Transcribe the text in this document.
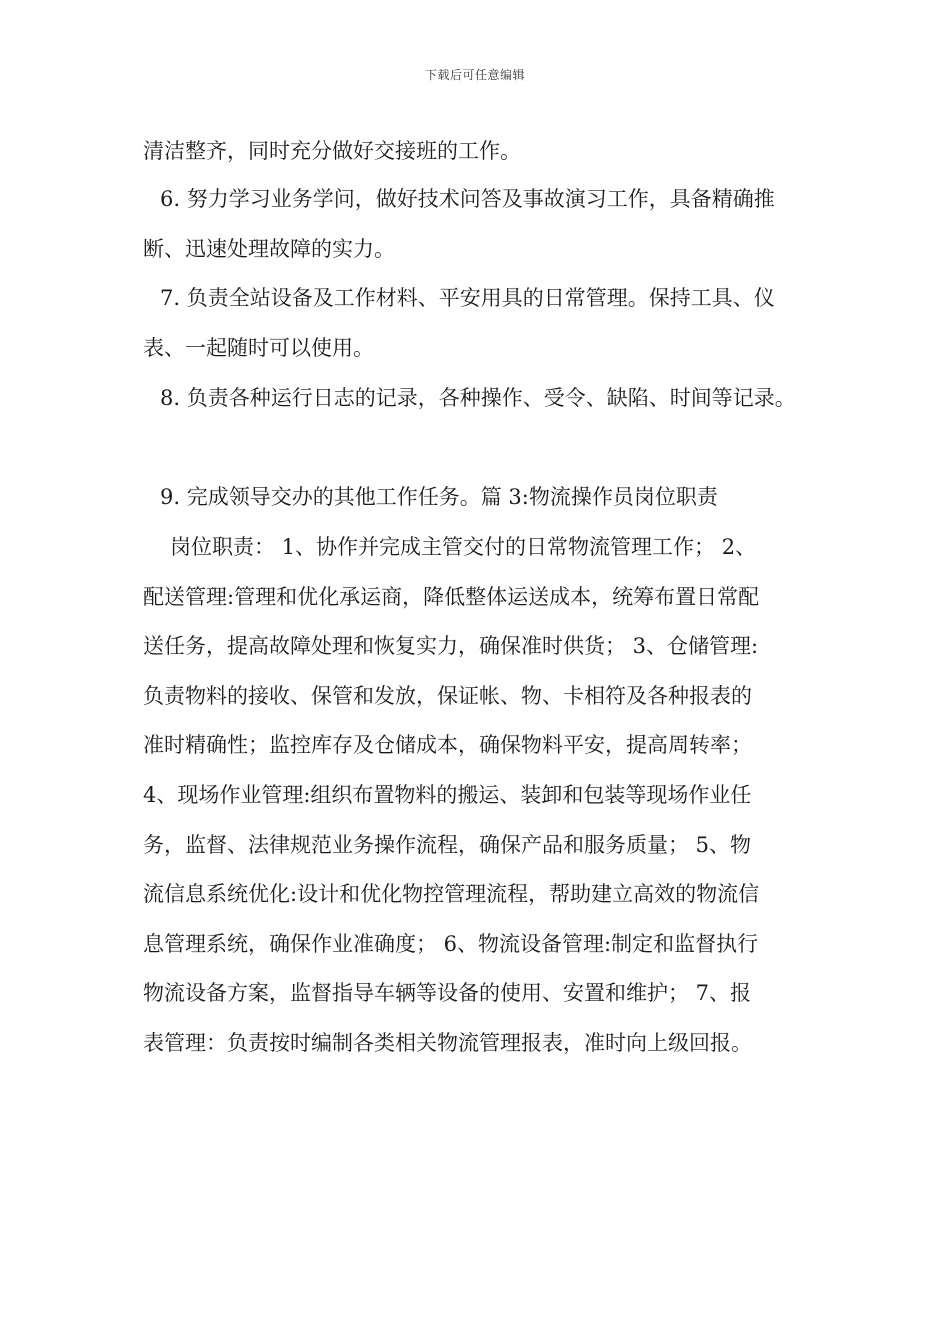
下载后可任意编辑
清洁整齐，同时充分做好交接班的工作。
6. 努力学习业务学问，做好技术问答及事故演习工作，具备精确推
断、迅速处理故障的实力。
7. 负责全站设备及工作材料、平安用具的日常管理。保持工具、仪
表、一起随时可以使用。
8. 负责各种运行日志的记录，各种操作、受令、缺陷、时间等记录。
9. 完成领导交办的其他工作任务。篇 3:物流操作员岗位职责
岗位职责： 1、协作并完成主管交付的日常物流管理工作； 2、
配送管理:管理和优化承运商，降低整体运送成本，统筹布置日常配
送任务，提高故障处理和恢复实力，确保准时供货； 3、仓储管理:
负责物料的接收、保管和发放，保证帐、物、卡相符及各种报表的
准时精确性；监控库存及仓储成本，确保物料平安，提高周转率；
4、现场作业管理:组织布置物料的搬运、装卸和包装等现场作业任
务，监督、法律规范业务操作流程，确保产品和服务质量； 5、物
流信息系统优化:设计和优化物控管理流程，帮助建立高效的物流信
息管理系统，确保作业准确度； 6、物流设备管理:制定和监督执行
物流设备方案，监督指导车辆等设备的使用、安置和维护； 7、报
表管理：负责按时编制各类相关物流管理报表，准时向上级回报。
